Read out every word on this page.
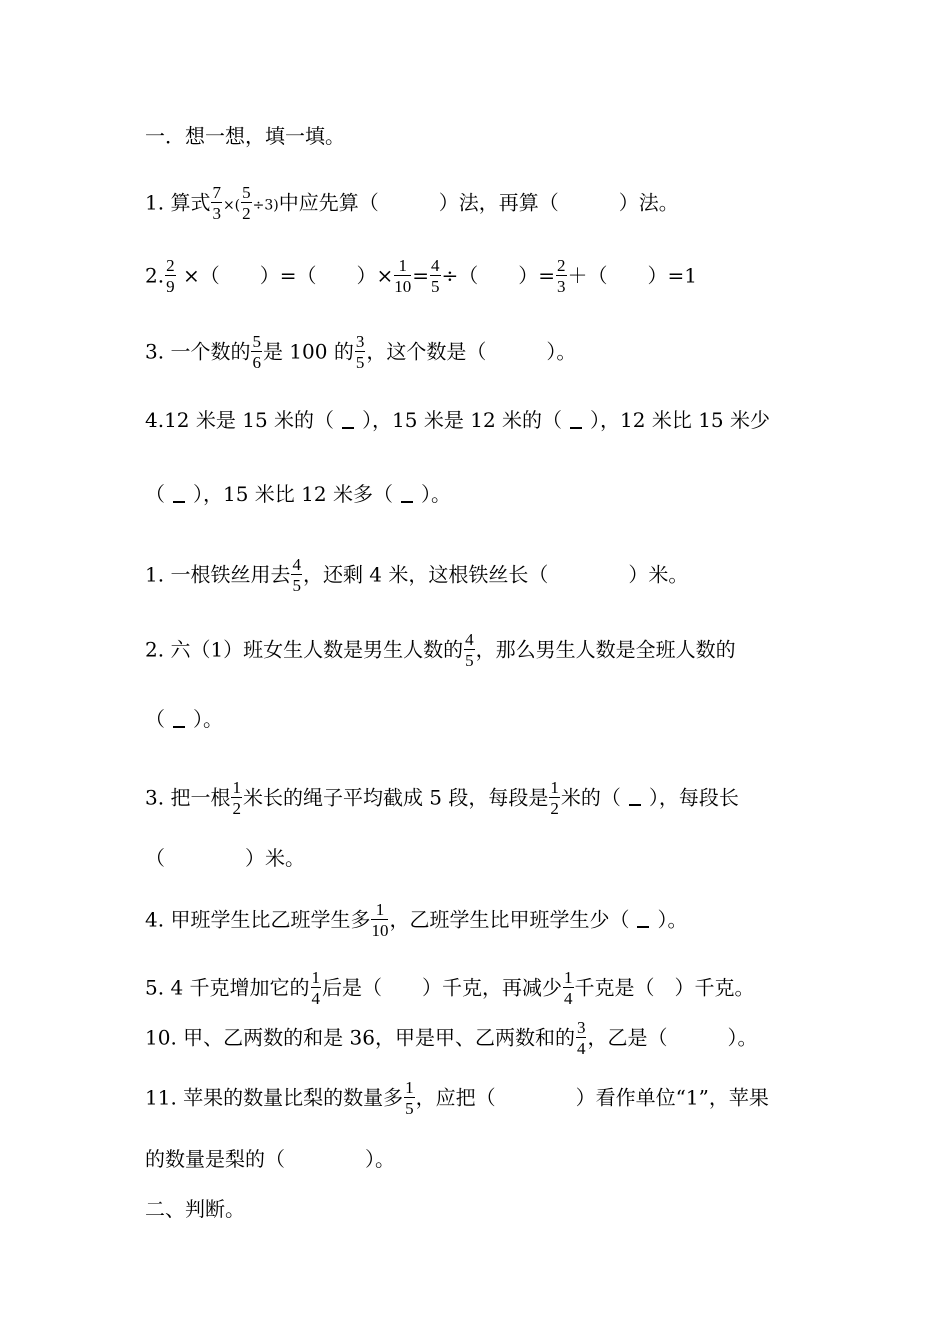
一．想一想，填一填。
1. 算式 $\frac{7}{3}$ ×( $\frac{5}{2} \div 3$)中应先算（　　　）法，再算（　　　）法。
2. $\frac{2}{9}$ ×（　　）=（　　）× $\frac{1}{10} = \frac{4}{5}$ ÷（　　）= $\frac{2}{3}$ ＋（　　）=1
3. 一个数的 $\frac{5}{6}$ 是 100 的 $\frac{3}{5}$ ，这个数是（　　　）。
4.12 米是 15 米的（ ），15 米是 12 米的（ ），12 米比 15 米少
（ ），15 米比 12 米多（ ）。
1. 一根铁丝用去 $\frac{4}{5}$ ，还剩 4 米，这根铁丝长（　　　　）米。
2. 六（1）班女生人数是男生人数的 $\frac{4}{5}$ ，那么男生人数是全班人数的
（ ）。
3. 把一根 $\frac{1}{2}$ 米长的绳子平均截成 5 段，每段是 $\frac{1}{2}$ 米的（ ），每段长
（　　　　）米。
4. 甲班学生比乙班学生多 $\frac{1}{10}$ ，乙班学生比甲班学生少（ ）。
5. 4 千克增加它的 $\frac{1}{4}$ 后是（　　）千克，再减少 $\frac{1}{4}$ 千克是（　）千克。
10. 甲、乙两数的和是 36，甲是甲、乙两数和的 $\frac{3}{4}$ ，乙是（　　　）。
11. 苹果的数量比梨的数量多 $\frac{1}{5}$ ，应把（　　　　）看作单位“1”，苹果
的数量是梨的（　　　　）。
二、判断。
